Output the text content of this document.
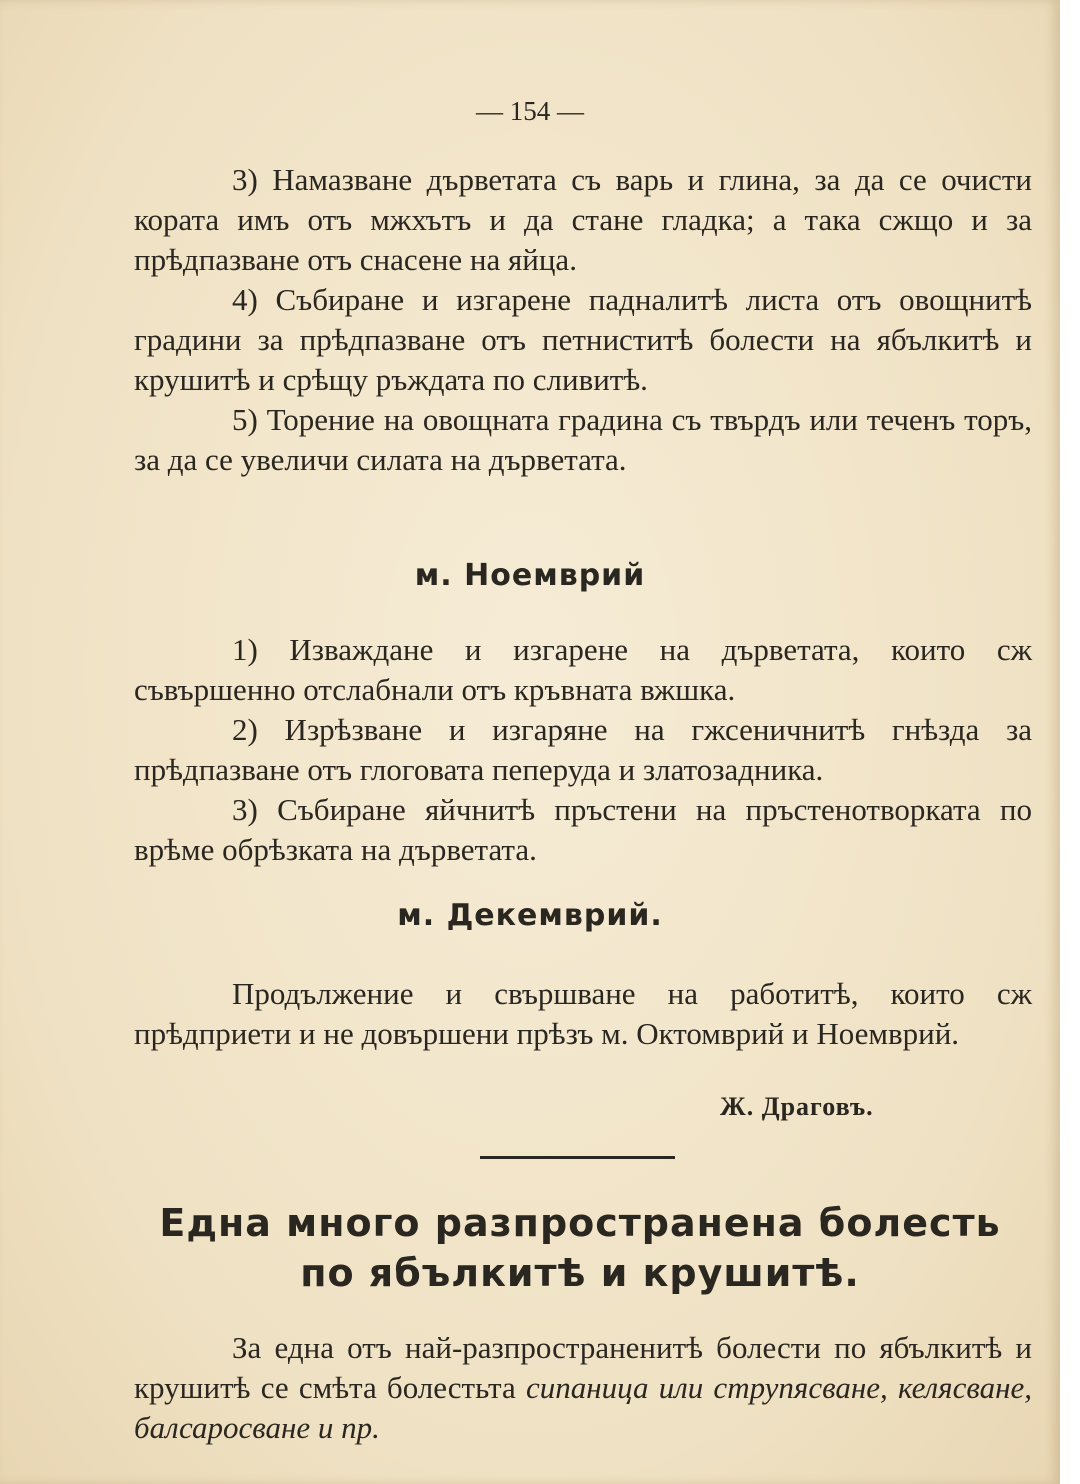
— 154 —

3) Намазване дърветата съ варь и глина, за да се очисти кората имъ отъ мжхътъ и да стане гладка; а така сжщо и за прѣдпазване отъ снасене на яйца.

4) Събиране и изгарене падналитѣ листа отъ овощнитѣ градини за прѣдпазване отъ петниститѣ болести на ябълкитѣ и крушитѣ и срѣщу ръждата по сливитѣ.

5) Торение на овощната градина съ твърдъ или теченъ торъ, за да се увеличи силата на дърветата.

м. Ноемврий

1) Изваждане и изгарене на дърветата, които сж съвършенно отслабнали отъ кръвната вжшка.

2) Изрѣзване и изгаряне на гжсеничнитѣ гнѣзда за прѣдпазване отъ глоговата пеперуда и златозадника.

3) Събиране яйчнитѣ пръстени на пръстенотворката по врѣме обрѣзката на дърветата.

м. Декемврий.

Продължение и свършване на работитѣ, които сж прѣдприети и не довършени прѣзъ м. Октомврий и Ноемврий.

Ж. Драговъ.
Една много разпространена болесть по ябълкитѣ и крушитѣ.

За една отъ най-разпространенитѣ болести по ябълкитѣ и крушитѣ се смѣта болестьта сипаница или струпясване, келясване, балсаросване и пр.
